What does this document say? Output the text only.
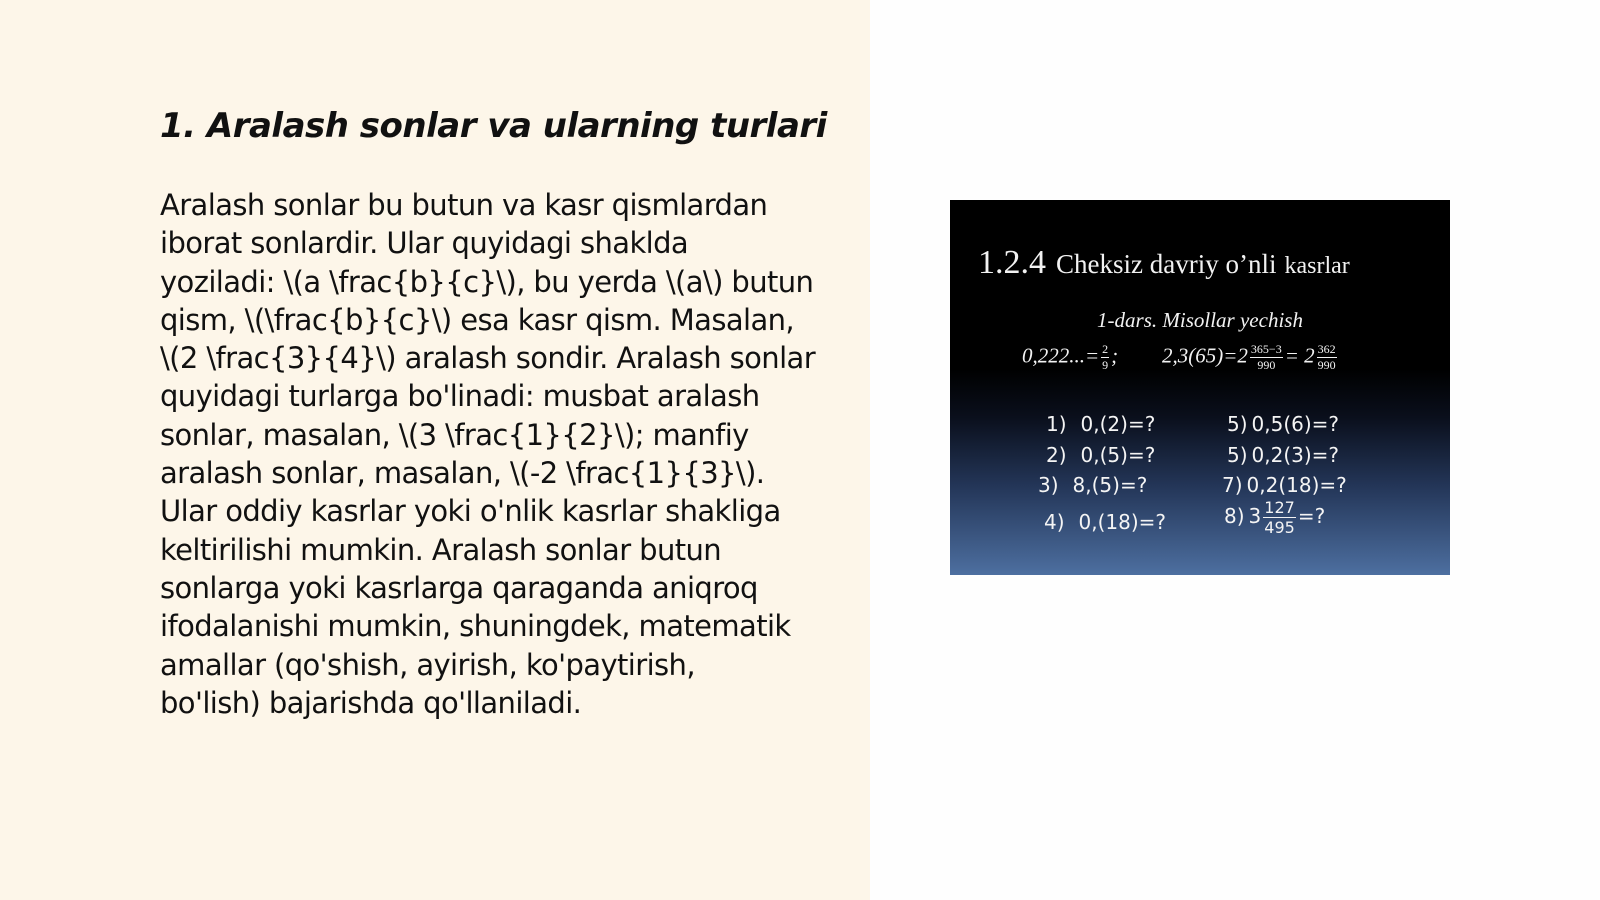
1. Aralash sonlar va ularning turlari
Aralash sonlar bu butun va kasr qismlardan
iborat sonlardir. Ular quyidagi shaklda
yoziladi: \(a \frac{b}{c}\), bu yerda \(a\) butun
qism, \(\frac{b}{c}\) esa kasr qism. Masalan,
\(2 \frac{3}{4}\) aralash sondir. Aralash sonlar
quyidagi turlarga bo'linadi: musbat aralash
sonlar, masalan, \(3 \frac{1}{2}\); manfiy
aralash sonlar, masalan, \(-2 \frac{1}{3}\).
Ular oddiy kasrlar yoki o'nlik kasrlar shakliga
keltirilishi mumkin. Aralash sonlar butun
sonlarga yoki kasrlarga qaraganda aniqroq
ifodalanishi mumkin, shuningdek, matematik
amallar (qo'shish, ayirish, ko'paytirish,
bo'lish) bajarishda qo'llaniladi.
1.2.4 Cheksiz davriy o’nli kasrlar
1-dars. Misollar yechish
$0,222...= \frac{2}{9}$ ; $2,3(65)=2 \frac{365-3}{990} = 2 \frac{362}{990}$
1) 0,(2)=?
2) 0,(5)=?
3) 8,(5)=?
4) 0,(18)=?
5) 0,5(6)=?
5) 0,2(3)=?
7) 0,2(18)=?
8) $3 \frac{127}{495}$ =?
